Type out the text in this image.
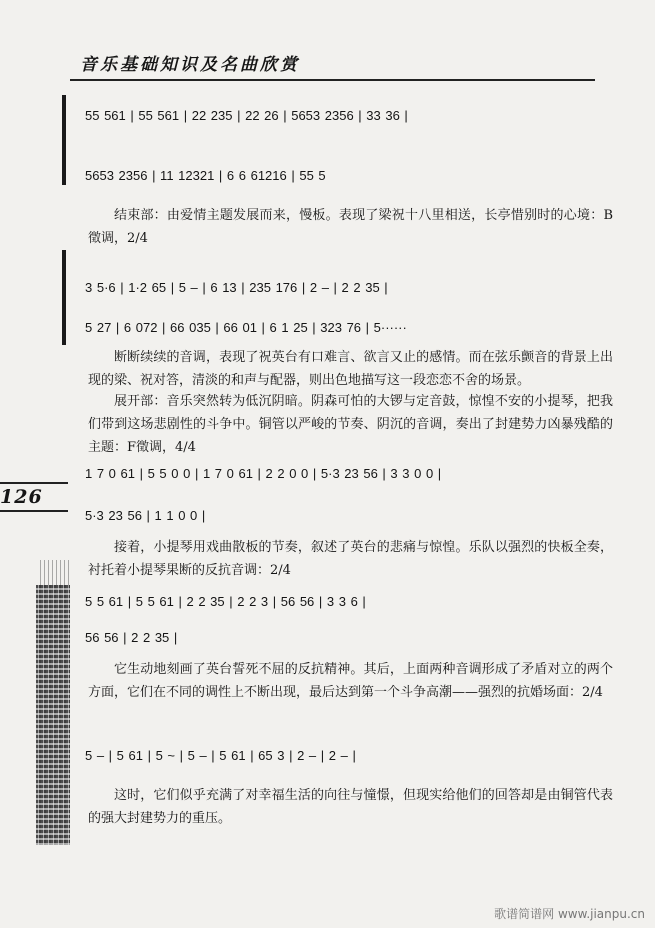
音乐基础知识及名曲欣赏
126
55 561 | 55 561 | 22 235 | 22 26 | 5653 2356 | 33 36 |
5653 2356 | 11 12321 | 6 6 61216 | 55 5
结束部：由爱情主题发展而来，慢板。表现了梁祝十八里相送，长亭惜别时的心境：B徵调，2/4
3 5·6 | 1·2 65 | 5 – | 6 13 | 235 176 | 2 – | 2 2 35 |
5 27 | 6 072 | 66 035 | 66 01 | 6 1 25 | 323 76 | 5······
断断续续的音调，表现了祝英台有口难言、欲言又止的感情。而在弦乐颤音的背景上出现的梁、祝对答，清淡的和声与配器，则出色地描写这一段恋恋不舍的场景。
展开部：音乐突然转为低沉阴暗。阴森可怕的大锣与定音鼓，惊惶不安的小提琴，把我们带到这场悲剧性的斗争中。铜管以严峻的节奏、阴沉的音调，奏出了封建势力凶暴残酷的主题：F徵调，4/4
1 7 0 61 | 5 5 0 0 | 1 7 0 61 | 2 2 0 0 | 5·3 23 56 | 3 3 0 0 |
5·3 23 56 | 1 1 0 0 |
接着，小提琴用戏曲散板的节奏，叙述了英台的悲痛与惊惶。乐队以强烈的快板全奏，衬托着小提琴果断的反抗音调：2/4
5 5 61 | 5 5 61 | 2 2 35 | 2 2 3 | 56 56 | 3 3 6 |
56 56 | 2 2 35 |
它生动地刻画了英台誓死不屈的反抗精神。其后，上面两种音调形成了矛盾对立的两个方面，它们在不同的调性上不断出现，最后达到第一个斗争高潮——强烈的抗婚场面：2/4
5 – | 5 61 | 5 ~ | 5 – | 5 61 | 65 3 | 2 – | 2 – |
这时，它们似乎充满了对幸福生活的向往与憧憬，但现实给他们的回答却是由铜管代表的强大封建势力的重压。
歌谱简谱网 www.jianpu.cn
